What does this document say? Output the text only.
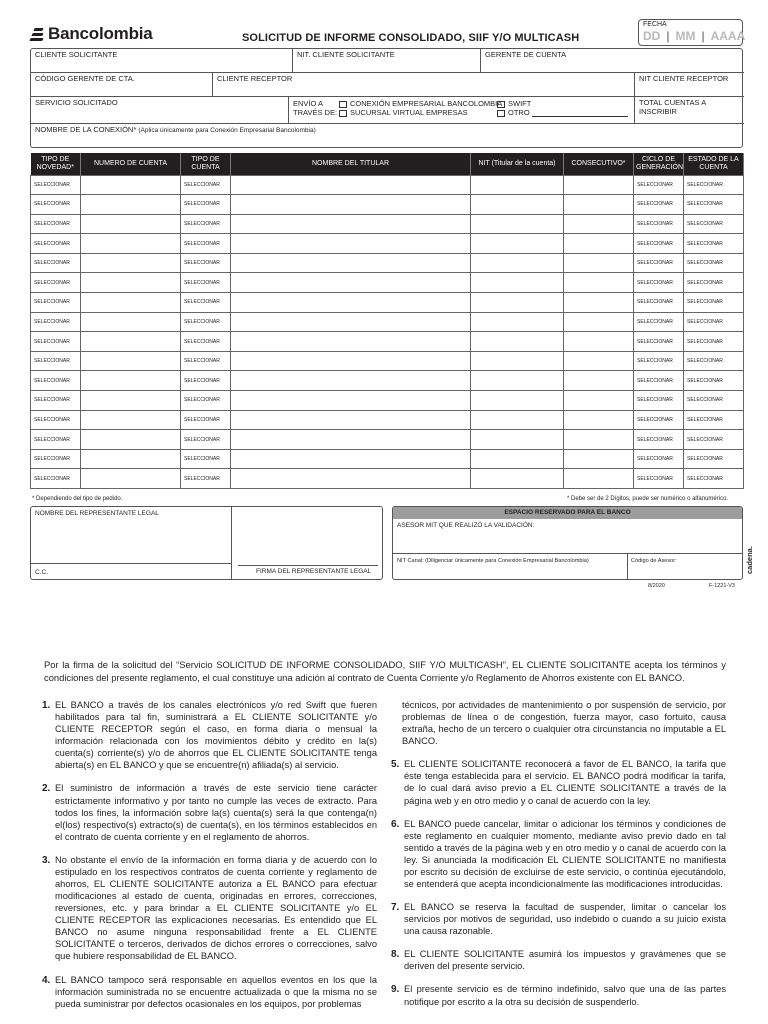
Bancolombia	SOLICITUD DE INFORME CONSOLIDADO, SIIF Y/O MULTICASH
FECHA
DD | MM | AAAA
CLIENTE SOLICITANTE	NIT. CLIENTE SOLICITANTE	GERENTE DE CUENTA
CÓDIGO GERENTE DE CTA.	CLIENTE RECEPTOR	NIT CLIENTE RECEPTOR
SERVICIO SOLICITADO	ENVÍO A
TRAVÉS DE:
CONEXIÓN EMPRESARIAL BANCOLOMBIA
SUCURSAL VIRTUAL EMPRESAS
SWIFT
OTRO
TOTAL CUENTAS A INSCRIBIR
NOMBRE DE LA CONEXIÓN* (Aplica únicamente para Conexión Empresarial Bancolombia)
TIPO DE NOVEDAD*	NUMERO DE CUENTA	TIPO DE CUENTA	NOMBRE DEL TITULAR	NIT (Titular de la cuenta)	CONSECUTIVO*	CICLO DE GENERACIÓN	ESTADO DE LA CUENTA
SELECCIONAR		SELECCIONAR				SELECCIONAR	SELECCIONAR
SELECCIONAR		SELECCIONAR				SELECCIONAR	SELECCIONAR
SELECCIONAR		SELECCIONAR				SELECCIONAR	SELECCIONAR
SELECCIONAR		SELECCIONAR				SELECCIONAR	SELECCIONAR
SELECCIONAR		SELECCIONAR				SELECCIONAR	SELECCIONAR
SELECCIONAR		SELECCIONAR				SELECCIONAR	SELECCIONAR
SELECCIONAR		SELECCIONAR				SELECCIONAR	SELECCIONAR
SELECCIONAR		SELECCIONAR				SELECCIONAR	SELECCIONAR
SELECCIONAR		SELECCIONAR				SELECCIONAR	SELECCIONAR
SELECCIONAR		SELECCIONAR				SELECCIONAR	SELECCIONAR
SELECCIONAR		SELECCIONAR				SELECCIONAR	SELECCIONAR
SELECCIONAR		SELECCIONAR				SELECCIONAR	SELECCIONAR
SELECCIONAR		SELECCIONAR				SELECCIONAR	SELECCIONAR
SELECCIONAR		SELECCIONAR				SELECCIONAR	SELECCIONAR
SELECCIONAR		SELECCIONAR				SELECCIONAR	SELECCIONAR
SELECCIONAR		SELECCIONAR				SELECCIONAR	SELECCIONAR
* Dependiendo del tipo de pedido.	* Debe ser de 2 Dígitos, puede ser numérico o alfanumérico.
NOMBRE DEL REPRESENTANTE LEGAL
C.C.	FIRMA DEL REPRESENTANTE LEGAL
ESPACIO RESERVADO PARA EL BANCO
ASESOR MIT QUE REALIZÓ LA VALIDACIÓN:
NIT Canal: (Diligenciar únicamente para Conexión Empresarial Bancolombia)	Código de Asesor:	cadena.
8/2020	F-1221-V3
Por la firma de la solicitud del “Servicio SOLICITUD DE INFORME CONSOLIDADO, SIIF Y/O MULTICASH”, EL CLIENTE SOLICITANTE acepta los términos y condiciones del presente reglamento, el cual constituye una adición al contrato de Cuenta Corriente y/o Reglamento de Ahorros existente con EL BANCO.
1. EL BANCO a través de los canales electrónicos y/o red Swift que fueren habilitados para tal fin, suministrará a EL CLIENTE SOLICITANTE y/o CLIENTE RECEPTOR según el caso, en forma diaria o mensual la información relacionada con los movimientos débito y crédito en la(s) cuenta(s) corriente(s) y/o de ahorros que EL CLIENTE SOLICITANTE tenga abierta(s) en EL BANCO y que se encuentre(n) afiliada(s) al servicio.
2. El suministro de información a través de este servicio tiene carácter estrictamente informativo y por tanto no cumple las veces de extracto. Para todos los fines, la información sobre la(s) cuenta(s) será la que contenga(n) el(los) respectivo(s) extracto(s) de cuenta(s), en los términos establecidos en el contrato de cuenta corriente y en el reglamento de ahorros.
3. No obstante el envío de la información en forma diaria y de acuerdo con lo estipulado en los respectivos contratos de cuenta corriente y reglamento de ahorros, EL CLIENTE SOLICITANTE autoriza a EL BANCO para efectuar modificaciones al estado de cuenta, originadas en errores, correcciones, reversiones, etc. y para brindar a EL CLIENTE SOLICITANTE y/o EL CLIENTE RECEPTOR las explicaciones necesarias. Es entendido que EL BANCO no asume ninguna responsabilidad frente a EL CLIENTE SOLICITANTE o terceros, derivados de dichos errores o correcciones, salvo que hubiere responsabilidad de EL BANCO.
4. EL BANCO tampoco será responsable en aquellos eventos en los que la información suministrada no se encuentre actualizada o que la misma no se pueda suministrar por defectos ocasionales en los equipos, por problemas
técnicos, por actividades de mantenimiento o por suspensión de servicio, por problemas de línea o de congestión, fuerza mayor, caso fortuito, causa extraña, hecho de un tercero o cualquier otra circunstancia no imputable a EL BANCO.
5. EL CLIENTE SOLICITANTE reconocerá a favor de EL BANCO, la tarifa que éste tenga establecida para el servicio. EL BANCO podrá modificar la tarifa, de lo cual dará aviso previo a EL CLIENTE SOLICITANTE a través de la página web y en otro medio y o canal de acuerdo con la ley.
6. EL BANCO puede cancelar, limitar o adicionar los términos y condiciones de este reglamento en cualquier momento, mediante aviso previo dado en tal sentido a través de la página web y en otro medio y o canal de acuerdo con la ley. Si anunciada la modificación EL CLIENTE SOLICITANTE no manifiesta por escrito su decisión de excluirse de este servicio, o continúa ejecutándolo, se entenderá que acepta incondicionalmente las modificaciones introducidas.
7. EL BANCO se reserva la facultad de suspender, limitar o cancelar los servicios por motivos de seguridad, uso indebido o cuando a su juicio exista una causa razonable.
8. EL CLIENTE SOLICITANTE asumirá los impuestos y gravámenes que se deriven del presente servicio.
9. El presente servicio es de término indefinido, salvo que una de las partes notifique por escrito a la otra su decisión de suspenderlo.
